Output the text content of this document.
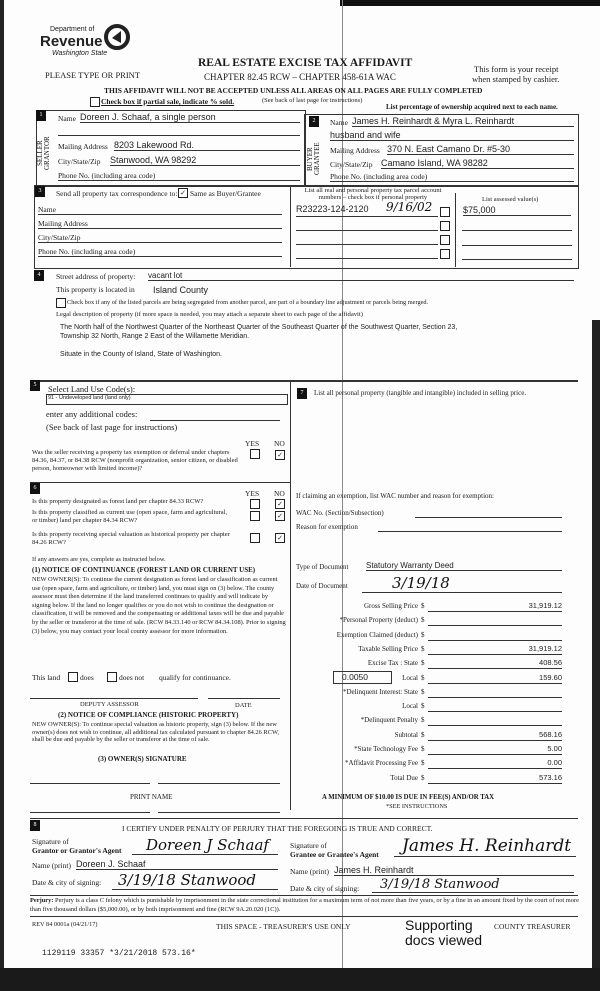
Department of
Revenue
Washington State
PLEASE TYPE OR PRINT
REAL ESTATE EXCISE TAX AFFIDAVIT
CHAPTER 82.45 RCW – CHAPTER 458-61A WAC
This form is your receipt
when stamped by cashier.
THIS AFFIDAVIT WILL NOT BE ACCEPTED UNLESS ALL AREAS ON ALL PAGES ARE FULLY COMPLETED
Check box if partial sale, indicate % sold.	(See back of last page for instructions)
List percentage of ownership acquired next to each name.
1
SELLER GRANTOR
Name Doreen J. Schaaf, a single person
Mailing Address 8203 Lakewood Rd.
City/State/Zip Stanwood, WA 98292
Phone No. (including area code)
2
BUYER GRANTEE
Name James H. Reinhardt & Myra L. Reinhardt
husband and wife
Mailing Address 370 N. East Camano Dr. #5-30
City/State/Zip Camano Island, WA 98282
Phone No. (including area code)
3	Send all property tax correspondence to: ✓ Same as Buyer/Grantee
Name
Mailing Address
City/State/Zip
Phone No. (including area code)
List all real and personal property tax parcel account numbers – check box if personal property	List assessed value(s)
R23223-124-2120 9/16/02	$75,000
4	Street address of property: vacant lot
This property is located in Island County
Check box if any of the listed parcels are being segregated from another parcel, are part of a boundary line adjustment or parcels being merged.
Legal description of property (if more space is needed, you may attach a separate sheet to each page of the affidavit)
The North half of the Northwest Quarter of the Northeast Quarter of the Southeast Quarter of the Southwest Quarter, Section 23,
Township 32 North, Range 2 East of the Willamette Meridian.
Situate in the County of Island, State of Washington.
5	Select Land Use Code(s):
91 - Undeveloped land (land only)
enter any additional codes:
(See back of last page for instructions)
YES NO
Was the seller receiving a property tax exemption or deferral under chapters 84.36, 84.37, or 84.38 RCW (nonprofit organization, senior citizen, or disabled person, homeowner with limited income)?
✓
6
YES NO
Is this property designated as forest land per chapter 84.33 RCW?	✓
Is this property classified as current use (open space, farm and agricultural, or timber) land per chapter 84.34 RCW?
✓
Is this property receiving special valuation as historical property per chapter 84.26 RCW?
✓
If any answers are yes, complete as instructed below.
(1) NOTICE OF CONTINUANCE (FOREST LAND OR CURRENT USE)
NEW OWNER(S): To continue the current designation as forest land or classification as current use (open space, farm and agriculture, or timber) land, you must sign on (3) below. The county assessor must then determine if the land transferred continues to qualify and will indicate by signing below. If the land no longer qualifies or you do not wish to continue the designation or classification, it will be removed and the compensating or additional taxes will be due and payable by the seller or transferor at the time of sale. (RCW 84.33.140 or RCW 84.34.108). Prior to signing (3) below, you may contact your local county assessor for more information.
This land	does	does not qualify for continuance.
DEPUTY ASSESSOR	DATE
(2) NOTICE OF COMPLIANCE (HISTORIC PROPERTY)
NEW OWNER(S): To continue special valuation as historic property, sign (3) below. If the new owner(s) does not wish to continue, all additional tax calculated pursuant to chapter 84.26 RCW, shall be due and payable by the seller or transferor at the time of sale.
(3) OWNER(S) SIGNATURE
PRINT NAME
7	List all personal property (tangible and intangible) included in selling price.
If claiming an exemption, list WAC number and reason for exemption:
WAC No. (Section/Subsection)
Reason for exemption
Type of Document Statutory Warranty Deed
Date of Document	3/19/18
0.0050
Gross Selling Price $	31,919.12
*Personal Property (deduct) $
Exemption Claimed (deduct) $
Taxable Selling Price $	31,919.12
Excise Tax : State $	408.56
Local $	159.60
*Delinquent Interest: State $
Local $
*Delinquent Penalty $
Subtotal $	568.16
*State Technology Fee $	5.00
*Affidavit Processing Fee $	0.00
Total Due $	573.16
A MINIMUM OF $10.00 IS DUE IN FEE(S) AND/OR TAX
*SEE INSTRUCTIONS
8	I CERTIFY UNDER PENALTY OF PERJURY THAT THE FOREGOING IS TRUE AND CORRECT.
Signature of
Grantor or Grantor's Agent	Doreen J Schaaf
Name (print) Doreen J. Schaaf
Date & city of signing:	3/19/18 Stanwood
Signature of
Grantee or Grantee's Agent	James H. Reinhardt
Name (print) James H. Reinhardt
Date & city of signing:	3/19/18 Stanwood
Perjury: Perjury is a class C felony which is punishable by imprisonment in the state correctional institution for a maximum term of not more than five years, or by a fine in an amount fixed by the court of not more than five thousand dollars ($5,000.00), or by both imprisonment and fine (RCW 9A.20.020 (1C)).
REV 84 0001a (04/21/17)	THIS SPACE - TREASURER'S USE ONLY	Supporting docs viewed
COUNTY TREASURER
1129119 33357 *3/21/2018 573.16*
